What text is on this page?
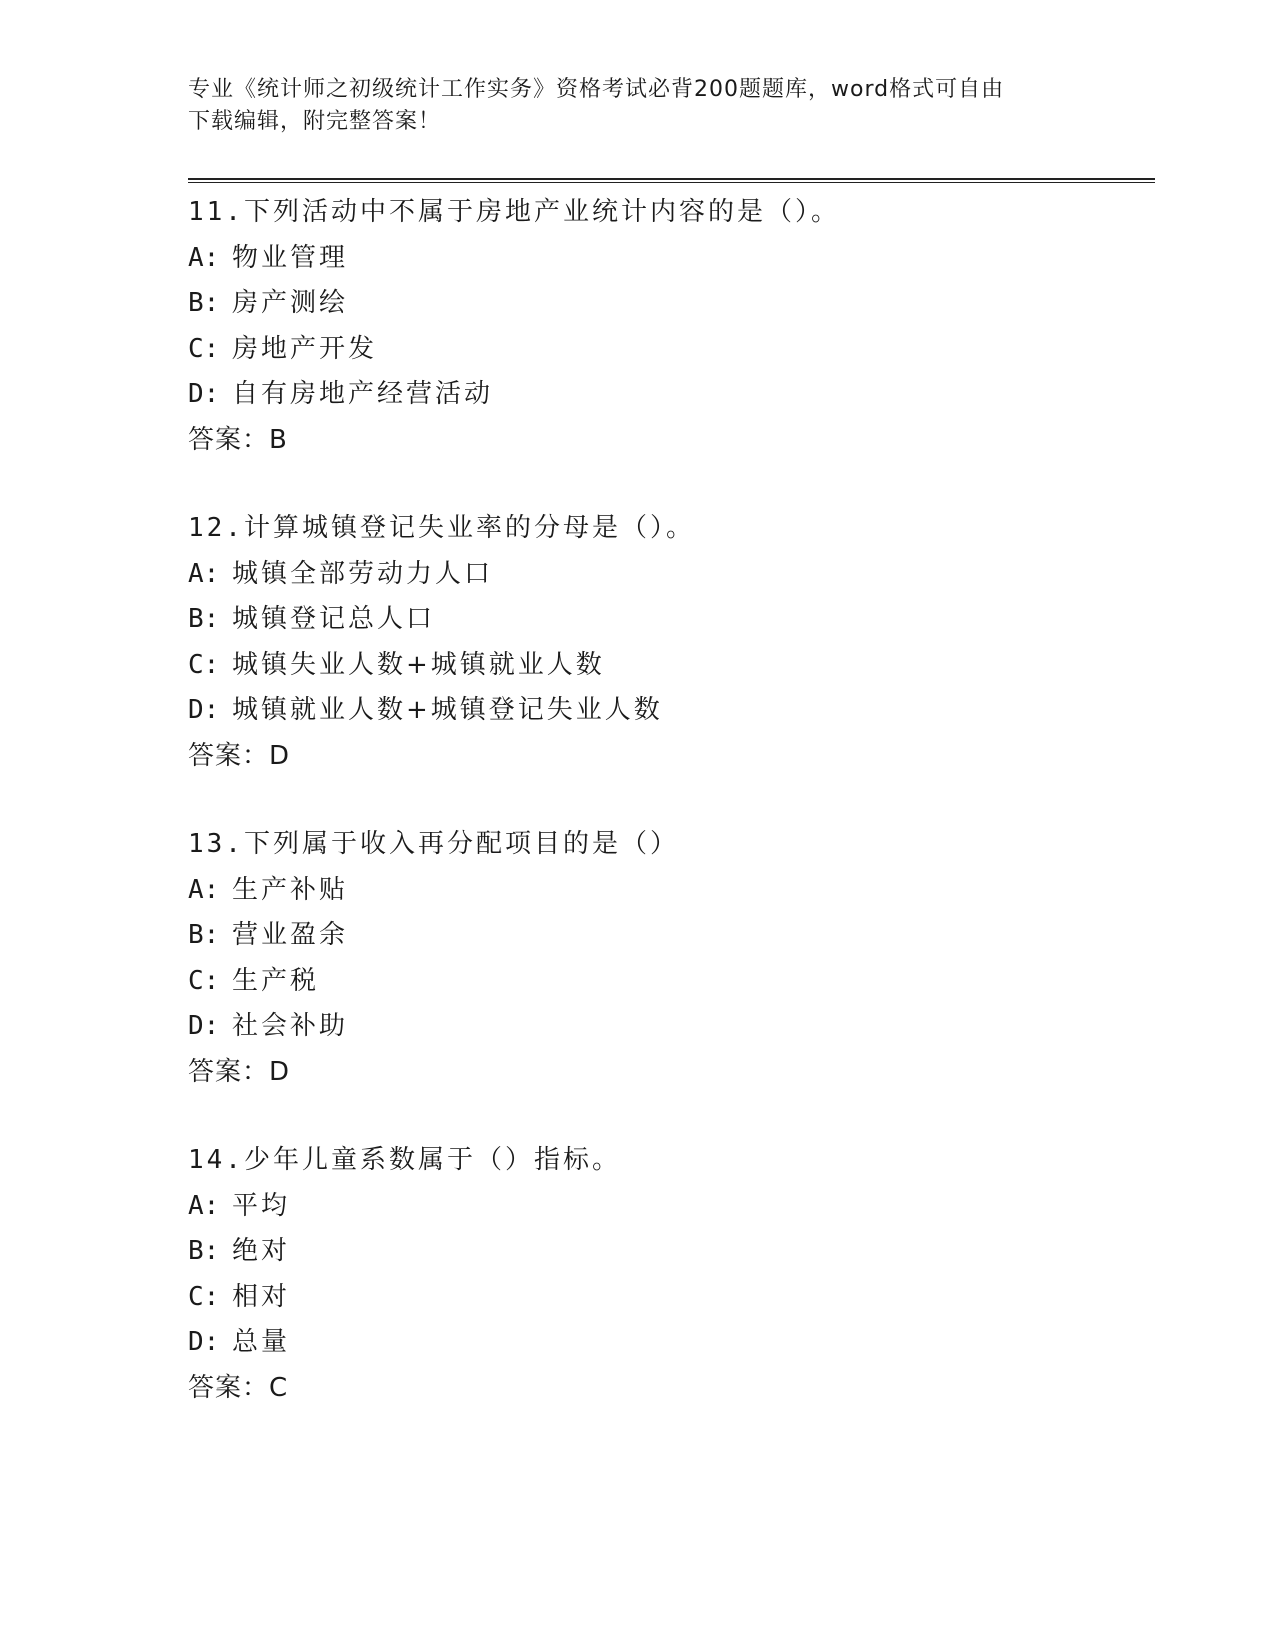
专业《统计师之初级统计工作实务》资格考试必背200题题库，word格式可自由
下载编辑，附完整答案！
11.下列活动中不属于房地产业统计内容的是（）。
A: 物业管理
B: 房产测绘
C: 房地产开发
D: 自有房地产经营活动
答案：B
12.计算城镇登记失业率的分母是（）。
A: 城镇全部劳动力人口
B: 城镇登记总人口
C: 城镇失业人数+城镇就业人数
D: 城镇就业人数+城镇登记失业人数
答案：D
13.下列属于收入再分配项目的是（）
A: 生产补贴
B: 营业盈余
C: 生产税
D: 社会补助
答案：D
14.少年儿童系数属于（）指标。
A: 平均
B: 绝对
C: 相对
D: 总量
答案：C
